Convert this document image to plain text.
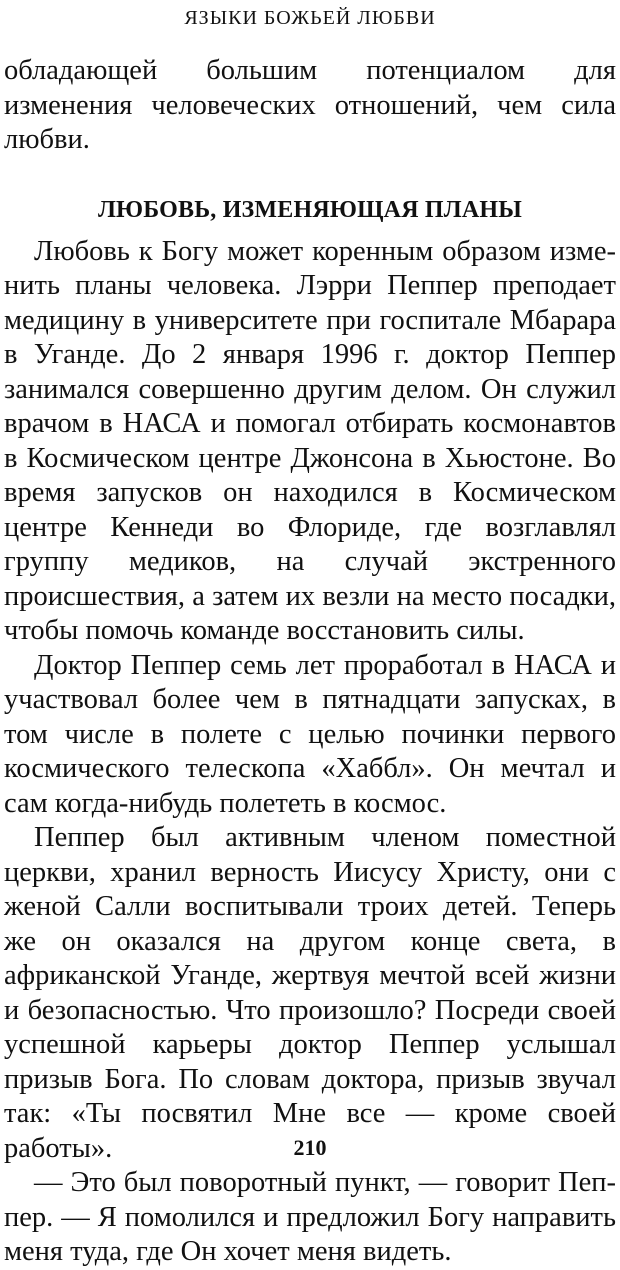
ЯЗЫКИ БОЖЬЕЙ ЛЮБВИ

обладающей большим потенциалом для изменения человеческих отношений, чем сила любви.

ЛЮБОВЬ, ИЗМЕНЯЮЩАЯ ПЛАНЫ

Любовь к Богу может коренным образом изменить планы человека. Лэрри Пеппер преподает медицину в университете при госпитале Мбарара в Уганде. До 2 января 1996 г. доктор Пеппер занимался совершенно другим делом. Он служил врачом в НАСА и помогал отбирать космонавтов в Космическом центре Джонсона в Хьюстоне. Во время запусков он находился в Космическом центре Кеннеди во Флориде, где возглавлял группу медиков, на случай экстренного происшествия, а затем их везли на место посадки, чтобы помочь команде восстановить силы.

Доктор Пеппер семь лет проработал в НАСА и участвовал более чем в пятнадцати запусках, в том числе в полете с целью починки первого космического телескопа «Хаббл». Он мечтал и сам когда-нибудь полететь в космос.

Пеппер был активным членом поместной церкви, хранил верность Иисусу Христу, они с женой Салли воспитывали троих детей. Теперь же он оказался на другом конце света, в африканской Уганде, жертвуя мечтой всей жизни и безопасностью. Что произошло? Посреди своей успешной карьеры доктор Пеппер услышал призыв Бога. По словам доктора, призыв звучал так: «Ты посвятил Мне все — кроме своей работы».

— Это был поворотный пункт, — говорит Пеппер. — Я помолился и предложил Богу направить меня туда, где Он хочет меня видеть.

210
